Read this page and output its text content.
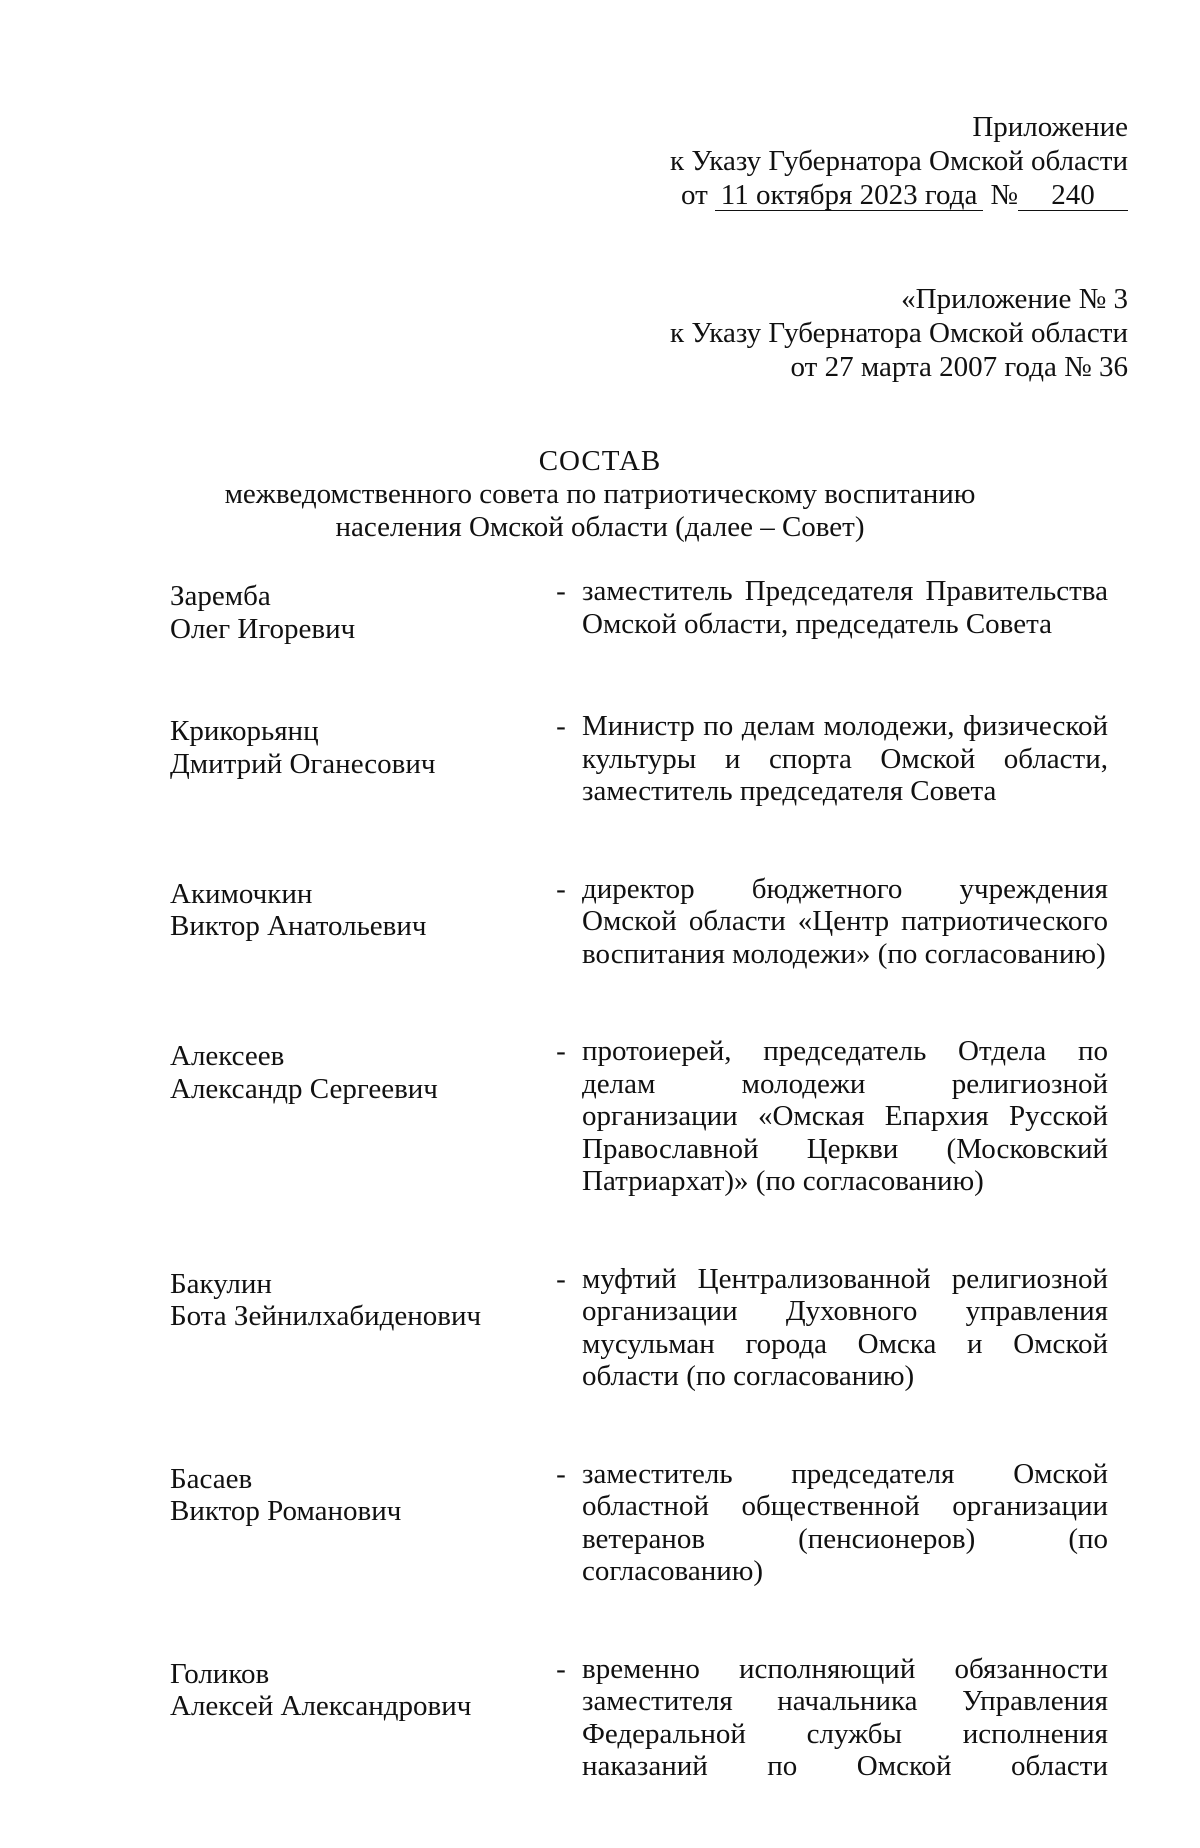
Приложение
к Указу Губернатора Омской области
от 11 октября 2023 года № 240
«Приложение № 3
к Указу Губернатора Омской области
от 27 марта 2007 года № 36
СОСТАВ
межведомственного совета по патриотическому воспитанию
населения Омской области (далее – Совет)
Заремба
Олег Игоревич
- заместитель Председателя Правительства Омской области, председатель Совета
Крикорьянц
Дмитрий Оганесович
- Министр по делам молодежи, физической культуры и спорта Омской области, заместитель председателя Совета
Акимочкин
Виктор Анатольевич
- директор бюджетного учреждения Омской области «Центр патриотического воспитания молодежи» (по согласованию)
Алексеев
Александр Сергеевич
- протоиерей, председатель Отдела по делам молодежи религиозной организации «Омская Епархия Русской Православной Церкви (Московский Патриархат)» (по согласованию)
Бакулин
Бота Зейнилхабиденович
- муфтий Централизованной религиозной организации Духовного управления мусульман города Омска и Омской области (по согласованию)
Басаев
Виктор Романович
- заместитель председателя Омской областной общественной организации ветеранов (пенсионеров) (по согласованию)
Голиков
Алексей Александрович
- временно исполняющий обязанности заместителя начальника Управления Федеральной службы исполнения наказаний по Омской области
